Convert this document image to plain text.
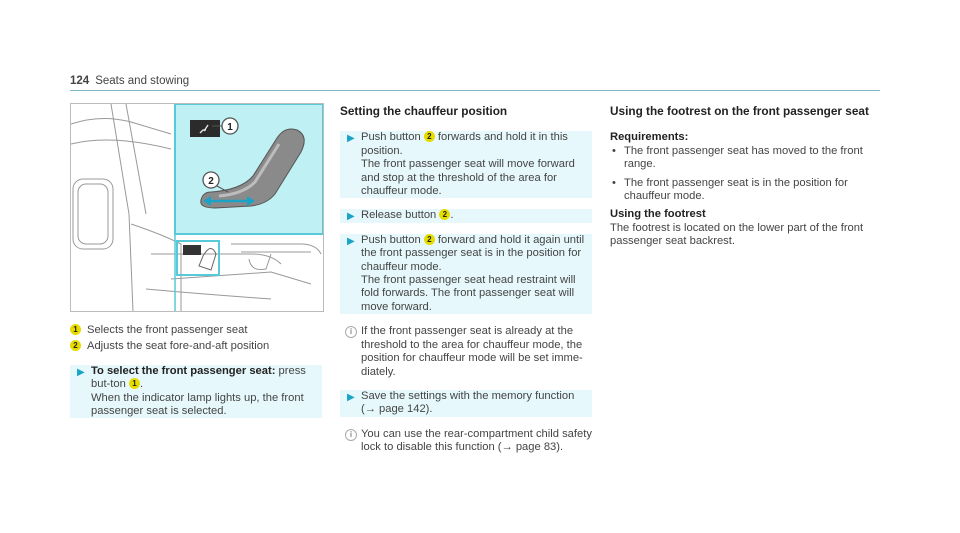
124 Seats and stowing
1
2
1 Selects the front passenger seat
2 Adjusts the seat fore-and-aft position
▶ To select the front passenger seat: press but-ton 1 .
When the indicator lamp lights up, the front passenger seat is selected.
Setting the chauffeur position
▶ Push button 2 forwards and hold it in this position.
The front passenger seat will move forward and stop at the threshold of the area for chauffeur mode.
▶ Release button 2 .
▶ Push button 2 forward and hold it again until the front passenger seat is in the position for chauffeur mode.
The front passenger seat head restraint will fold forwards. The front passenger seat will move forward.
i If the front passenger seat is already at the threshold to the area for chauffeur mode, the position for chauffeur mode will be set imme-diately.
▶ Save the settings with the memory function (→ page 142).
i You can use the rear-compartment child safety lock to disable this function (→ page 83).
Using the footrest on the front passenger seat
Requirements:
• The front passenger seat has moved to the front range.
• The front passenger seat is in the position for chauffeur mode.
Using the footrest
The footrest is located on the lower part of the front passenger seat backrest.
